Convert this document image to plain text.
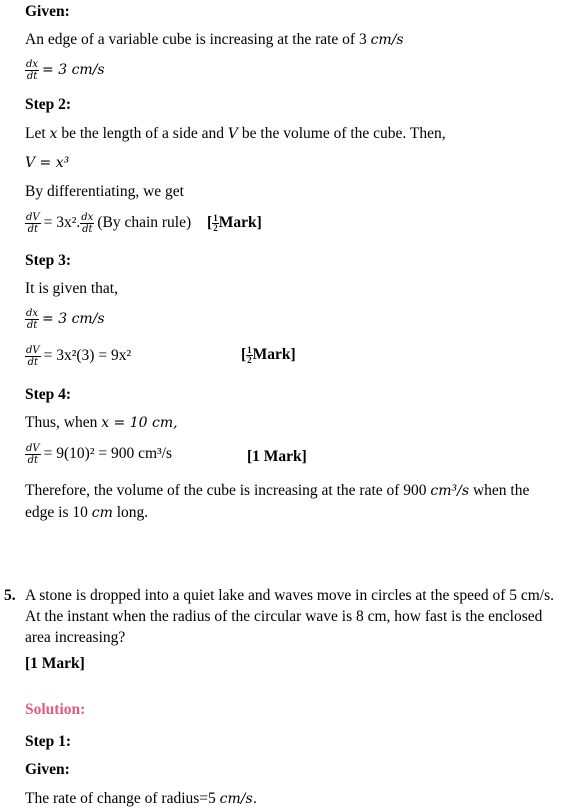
Given:
An edge of a variable cube is increasing at the rate of 3 cm/s
$\frac{dx}{dt} = 3$ cm/s
Step 2:
Let x be the length of a side and V be the volume of the cube. Then,
V = x³
By differentiating, we get
$\frac{dV}{dt} = 3x^2$. $\frac{dx}{dt} (By$ chain rule) [ $\frac{1}{2}$ Mark]
Step 3:
It is given that,
$\frac{dx}{dt} = 3$ cm/s
$\frac{dV}{dt} = 3x^2(3) = 9x^2$	[ $\frac{1}{2}$ Mark]
Step 4:
Thus, when x = 10 cm,
$\frac{dV}{dt} = 9(10)^2 = 900$ cm³/s	[1 Mark]
Therefore, the volume of the cube is increasing at the rate of 900 cm³/s when the edge is 10 cm long.
5. A stone is dropped into a quiet lake and waves move in circles at the speed of 5 cm/s. At the instant when the radius of the circular wave is 8 cm, how fast is the enclosed area increasing?
[1 Mark]
Solution:
Step 1:
Given:
The rate of change of radius=5 cm/s.
